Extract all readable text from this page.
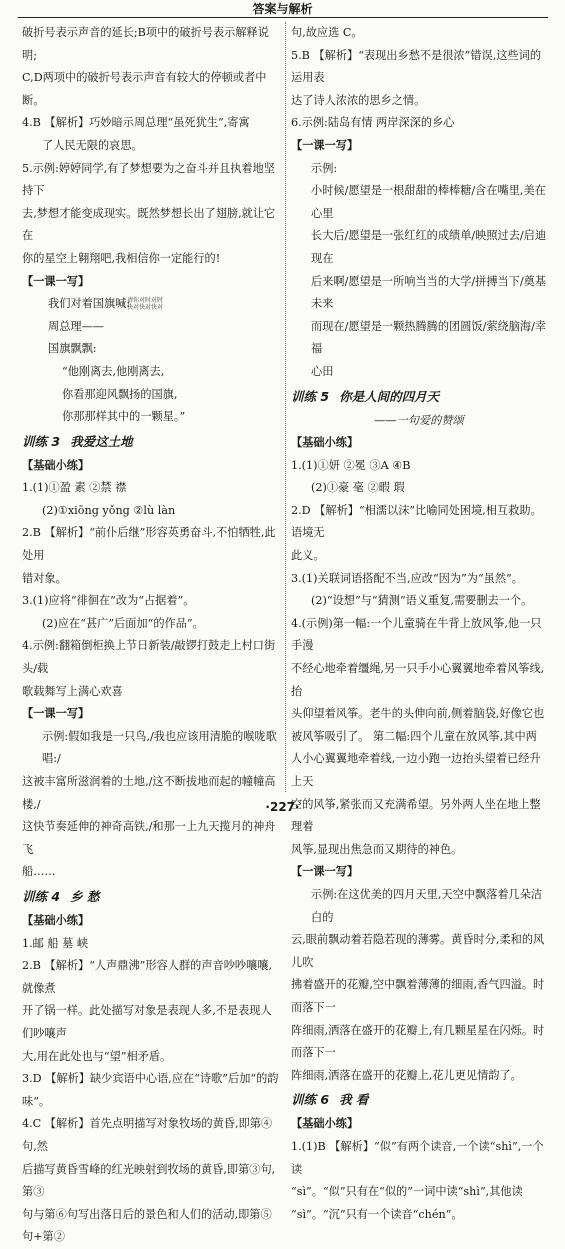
答案与解析

破折号表示声音的延长;B项中的破折号表示解释说明;

C,D两项中的破折号表示声音有较大的停顿或者中断。

4.B 【解析】巧妙暗示周总理“虽死犹生”,寄寓

了人民无限的哀思。

5.示例:婷婷同学,有了梦想要为之奋斗并且执着地坚持下

去,梦想才能变成现实。既然梦想长出了翅膀,就让它在

你的星空上翱翔吧,我相信你一定能行的!

【一课一写】

我们对着国旗喊:

请你对时对时
快对快对快对

周总理——

国旗飘飘:

“他刚离去,他刚离去,

你看那迎风飘扬的国旗,

你那那样其中的一颗星。”

训练 3 我爱这土地

【基础小练】

1.(1)①盈 素 ②禁 襟

(2)①xiōng yǒng ②lù làn

2.B 【解析】“前仆后继”形容英勇奋斗,不怕牺牲,此处用

错对象。

3.(1)应将“徘徊在”改为“占据着”。

(2)应在“甚广”后面加“的作品”。

4.示例:翻箱倒柜换上节日新装/敲锣打鼓走上村口街头/载

歌载舞写上满心欢喜

【一课一写】

示例:假如我是一只鸟,/我也应该用清脆的喉咙歌唱:/

这被丰富所滋润着的土地,/这不断拔地而起的幢幢高楼,/

这快节奏延伸的神奇高铁,/和那一上九天揽月的神舟飞

船……

训练 4 乡 愁

【基础小练】

1.邮 船 墓 峡

2.B 【解析】“人声鼎沸”形容人群的声音吵吵嚷嚷,就像煮

开了锅一样。此处描写对象是表现人多,不是表现人们吵嚷声

大,用在此处也与“望”相矛盾。

3.D 【解析】缺少宾语中心语,应在“诗歌”后加“的韵味”。

4.C 【解析】首先点明描写对象牧场的黄昏,即第④句,然

后描写黄昏雪峰的红光映射到牧场的黄昏,即第③句,第③

句与第⑥句写出落日后的景色和人们的活动,即第⑤句+第②

句,故应选 C。

5.B 【解析】“表现出乡愁不是很浓”错误,这些词的运用表

达了诗人浓浓的思乡之情。

6.示例:陆岛有情 两岸深深的乡心

【一课一写】

示例:

小时候/愿望是一根甜甜的棒棒糖/含在嘴里,美在心里

长大后/愿望是一张红红的成绩单/映照过去/启迪现在

后来啊/愿望是一所响当当的大学/拼搏当下/奠基未来

而现在/愿望是一颗热腾腾的团圆饭/萦绕脑海/幸福

心田

训练 5 你是人间的四月天

——一句爱的赞颂

【基础小练】

1.(1)①妍 ②冕 ③A ④B

(2)①豪 毫 ②暇 瑕

2.D 【解析】“相濡以沫”比喻同处困境,相互救助。语境无

此义。

3.(1)关联词语搭配不当,应改“因为”为“虽然”。

(2)“设想”与“猜测”语义重复,需要删去一个。

4.(示例)第一幅:一个儿童骑在牛背上放风筝,他一只手漫

不经心地牵着缰绳,另一只手小心翼翼地牵着风筝线,抬

头仰望着风筝。老牛的头伸向前,侧着脑袋,好像它也

被风筝吸引了。 第二幅:四个儿童在放风筝,其中两

人小心翼翼地牵着线,一边小跑一边抬头望着已经升上天

空的风筝,紧张而又充满希望。另外两人坐在地上整理着

风筝,显现出焦急而又期待的神色。

【一课一写】

示例:在这优美的四月天里,天空中飘落着几朵洁白的

云,眼前飘动着若隐若现的薄雾。黄昏时分,柔和的风儿吹

拂着盛开的花瓣,空中飘着薄薄的细雨,香气四溢。时而落下一

阵细雨,洒落在盛开的花瓣上,有几颗星星在闪烁。时而落下一

阵细雨,洒落在盛开的花瓣上,花儿更见情韵了。

训练 6 我 看

【基础小练】

1.(1)B 【解析】“似”有两个读音,一个读“shì”,一个读

“sì”。“似”只有在“似的”一词中读“shì”,其他读

“sì”。“沉”只有一个读音“chén”。

·227·
